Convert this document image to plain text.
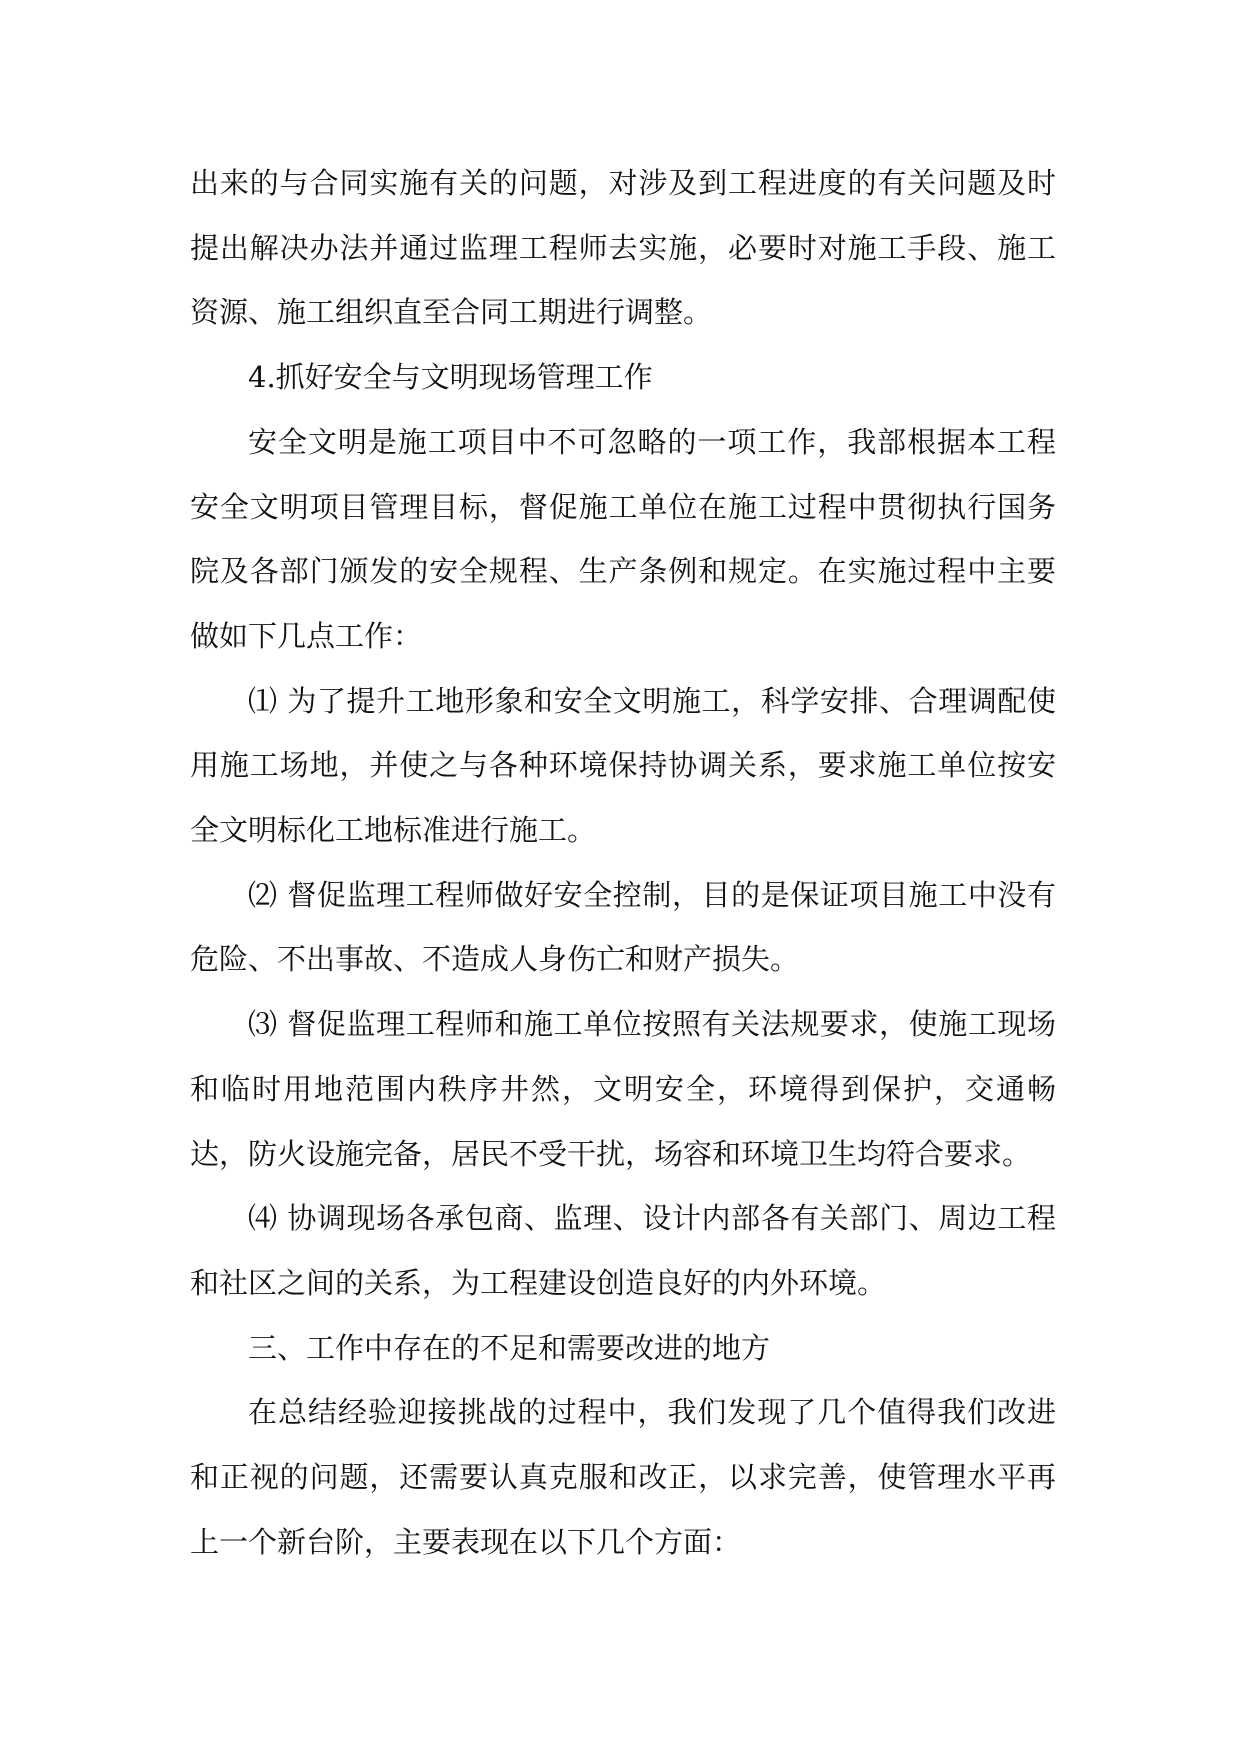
出来的与合同实施有关的问题，对涉及到工程进度的有关问题及时提出解决办法并通过监理工程师去实施，必要时对施工手段、施工资源、施工组织直至合同工期进行调整。

4.抓好安全与文明现场管理工作

安全文明是施工项目中不可忽略的一项工作，我部根据本工程安全文明项目管理目标，督促施工单位在施工过程中贯彻执行国务院及各部门颁发的安全规程、生产条例和规定。在实施过程中主要做如下几点工作：

⑴ 为了提升工地形象和安全文明施工，科学安排、合理调配使用施工场地，并使之与各种环境保持协调关系，要求施工单位按安全文明标化工地标准进行施工。

⑵ 督促监理工程师做好安全控制，目的是保证项目施工中没有危险、不出事故、不造成人身伤亡和财产损失。

⑶ 督促监理工程师和施工单位按照有关法规要求，使施工现场和临时用地范围内秩序井然，文明安全，环境得到保护，交通畅达，防火设施完备，居民不受干扰，场容和环境卫生均符合要求。

⑷ 协调现场各承包商、监理、设计内部各有关部门、周边工程和社区之间的关系，为工程建设创造良好的内外环境。

三、工作中存在的不足和需要改进的地方

在总结经验迎接挑战的过程中，我们发现了几个值得我们改进和正视的问题，还需要认真克服和改正，以求完善，使管理水平再上一个新台阶，主要表现在以下几个方面：
